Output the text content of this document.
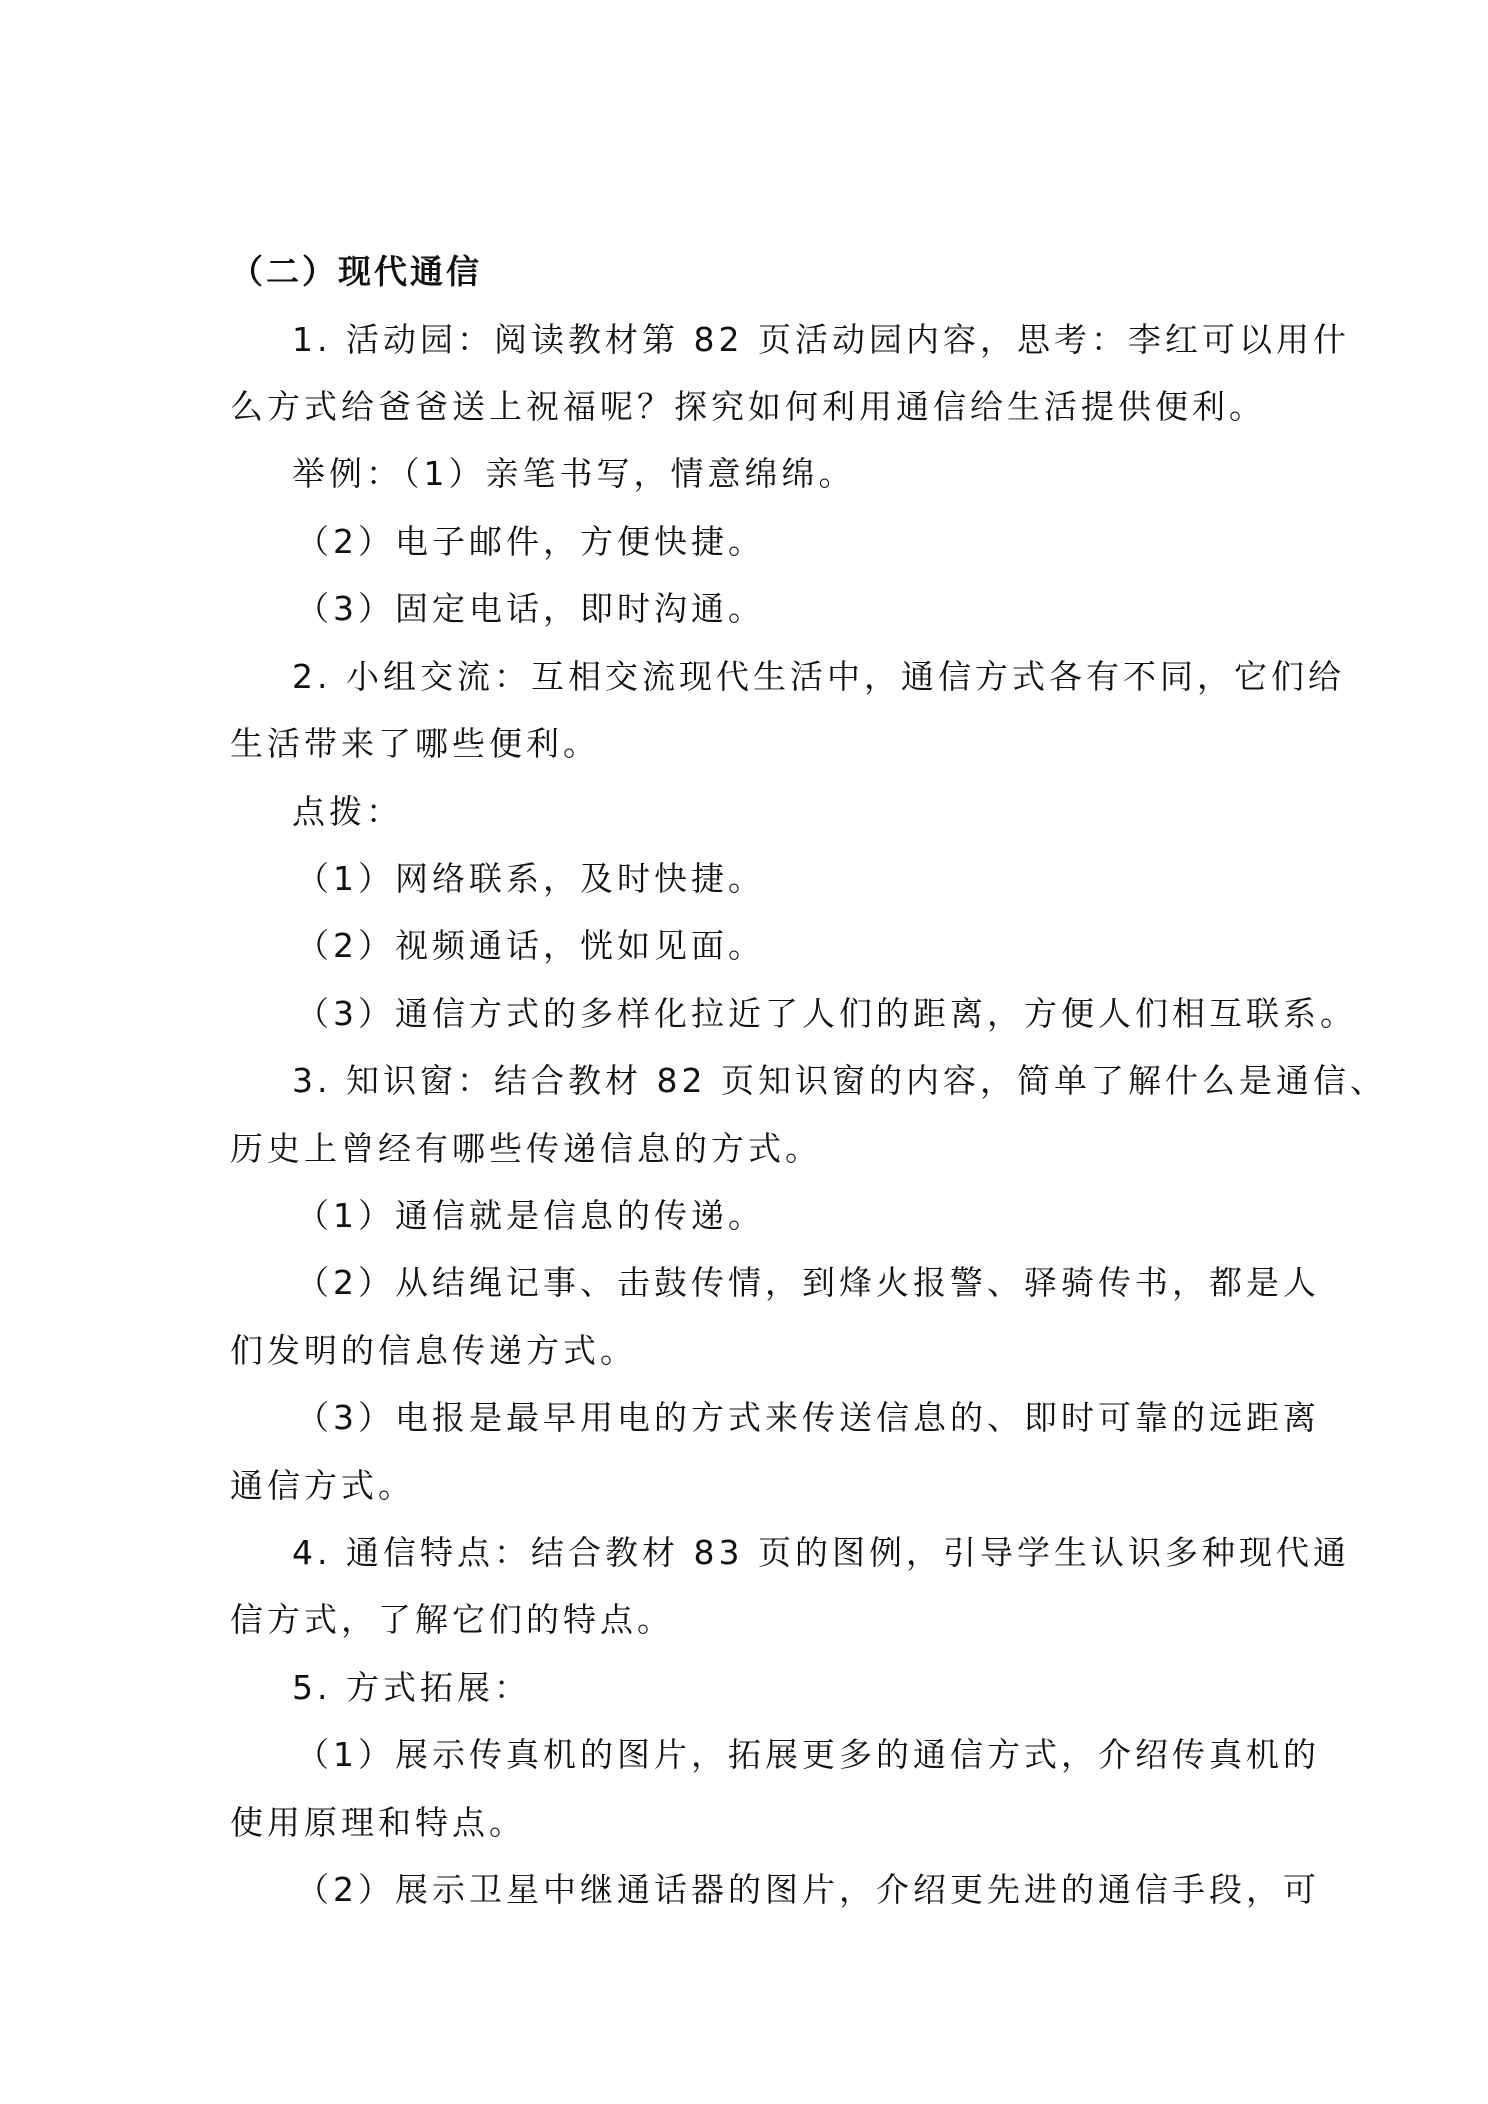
（二）现代通信
1. 活动园：阅读教材第 82 页活动园内容，思考：李红可以用什
么方式给爸爸送上祝福呢？探究如何利用通信给生活提供便利。
举例：（1）亲笔书写，情意绵绵。
（2）电子邮件，方便快捷。
（3）固定电话，即时沟通。
2. 小组交流：互相交流现代生活中，通信方式各有不同，它们给
生活带来了哪些便利。
点拨：
（1）网络联系，及时快捷。
（2）视频通话，恍如见面。
（3）通信方式的多样化拉近了人们的距离，方便人们相互联系。
3. 知识窗：结合教材 82 页知识窗的内容，简单了解什么是通信、
历史上曾经有哪些传递信息的方式。
（1）通信就是信息的传递。
（2）从结绳记事、击鼓传情，到烽火报警、驿骑传书，都是人
们发明的信息传递方式。
（3）电报是最早用电的方式来传送信息的、即时可靠的远距离
通信方式。
4. 通信特点：结合教材 83 页的图例，引导学生认识多种现代通
信方式，了解它们的特点。
5. 方式拓展：
（1）展示传真机的图片，拓展更多的通信方式，介绍传真机的
使用原理和特点。
（2）展示卫星中继通话器的图片，介绍更先进的通信手段，可
